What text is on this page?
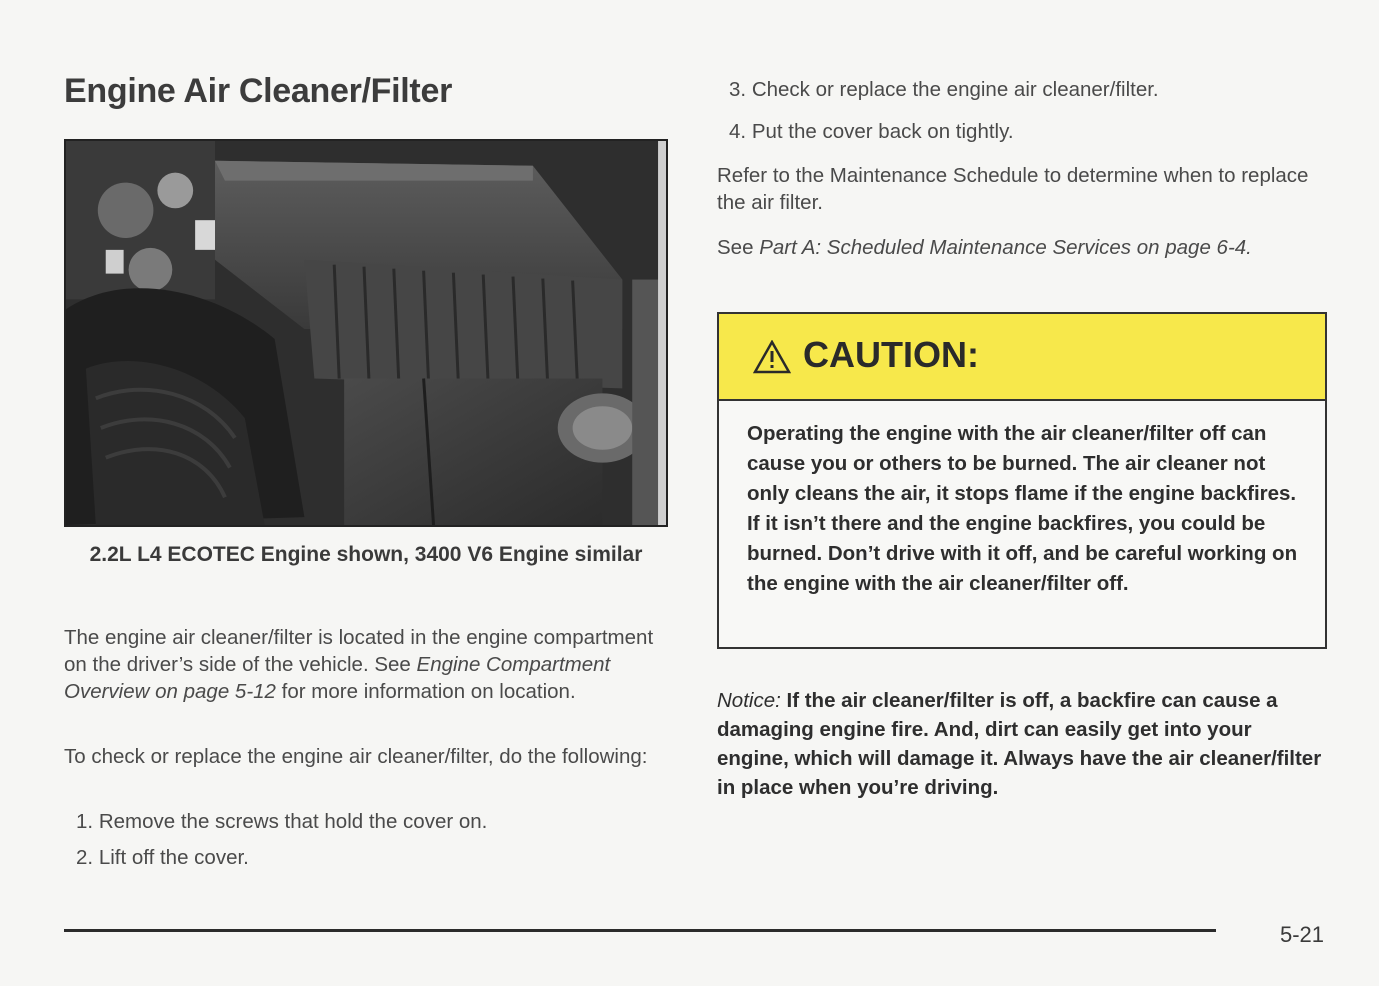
Engine Air Cleaner/Filter
2.2L L4 ECOTEC Engine shown, 3400 V6 Engine similar
The engine air cleaner/filter is located in the engine compartment on the driver’s side of the vehicle. See Engine Compartment Overview on page 5-12 for more information on location.
To check or replace the engine air cleaner/filter, do the following:
1. Remove the screws that hold the cover on.
2. Lift off the cover.
3. Check or replace the engine air cleaner/filter.
4. Put the cover back on tightly.
Refer to the Maintenance Schedule to determine when to replace the air filter.
See Part A: Scheduled Maintenance Services on page 6-4.
CAUTION:
Operating the engine with the air cleaner/filter off can cause you or others to be burned. The air cleaner not only cleans the air, it stops flame if the engine backfires. If it isn’t there and the engine backfires, you could be burned. Don’t drive with it off, and be careful working on the engine with the air cleaner/filter off.
Notice: If the air cleaner/filter is off, a backfire can cause a damaging engine fire. And, dirt can easily get into your engine, which will damage it. Always have the air cleaner/filter in place when you’re driving.
5-21
